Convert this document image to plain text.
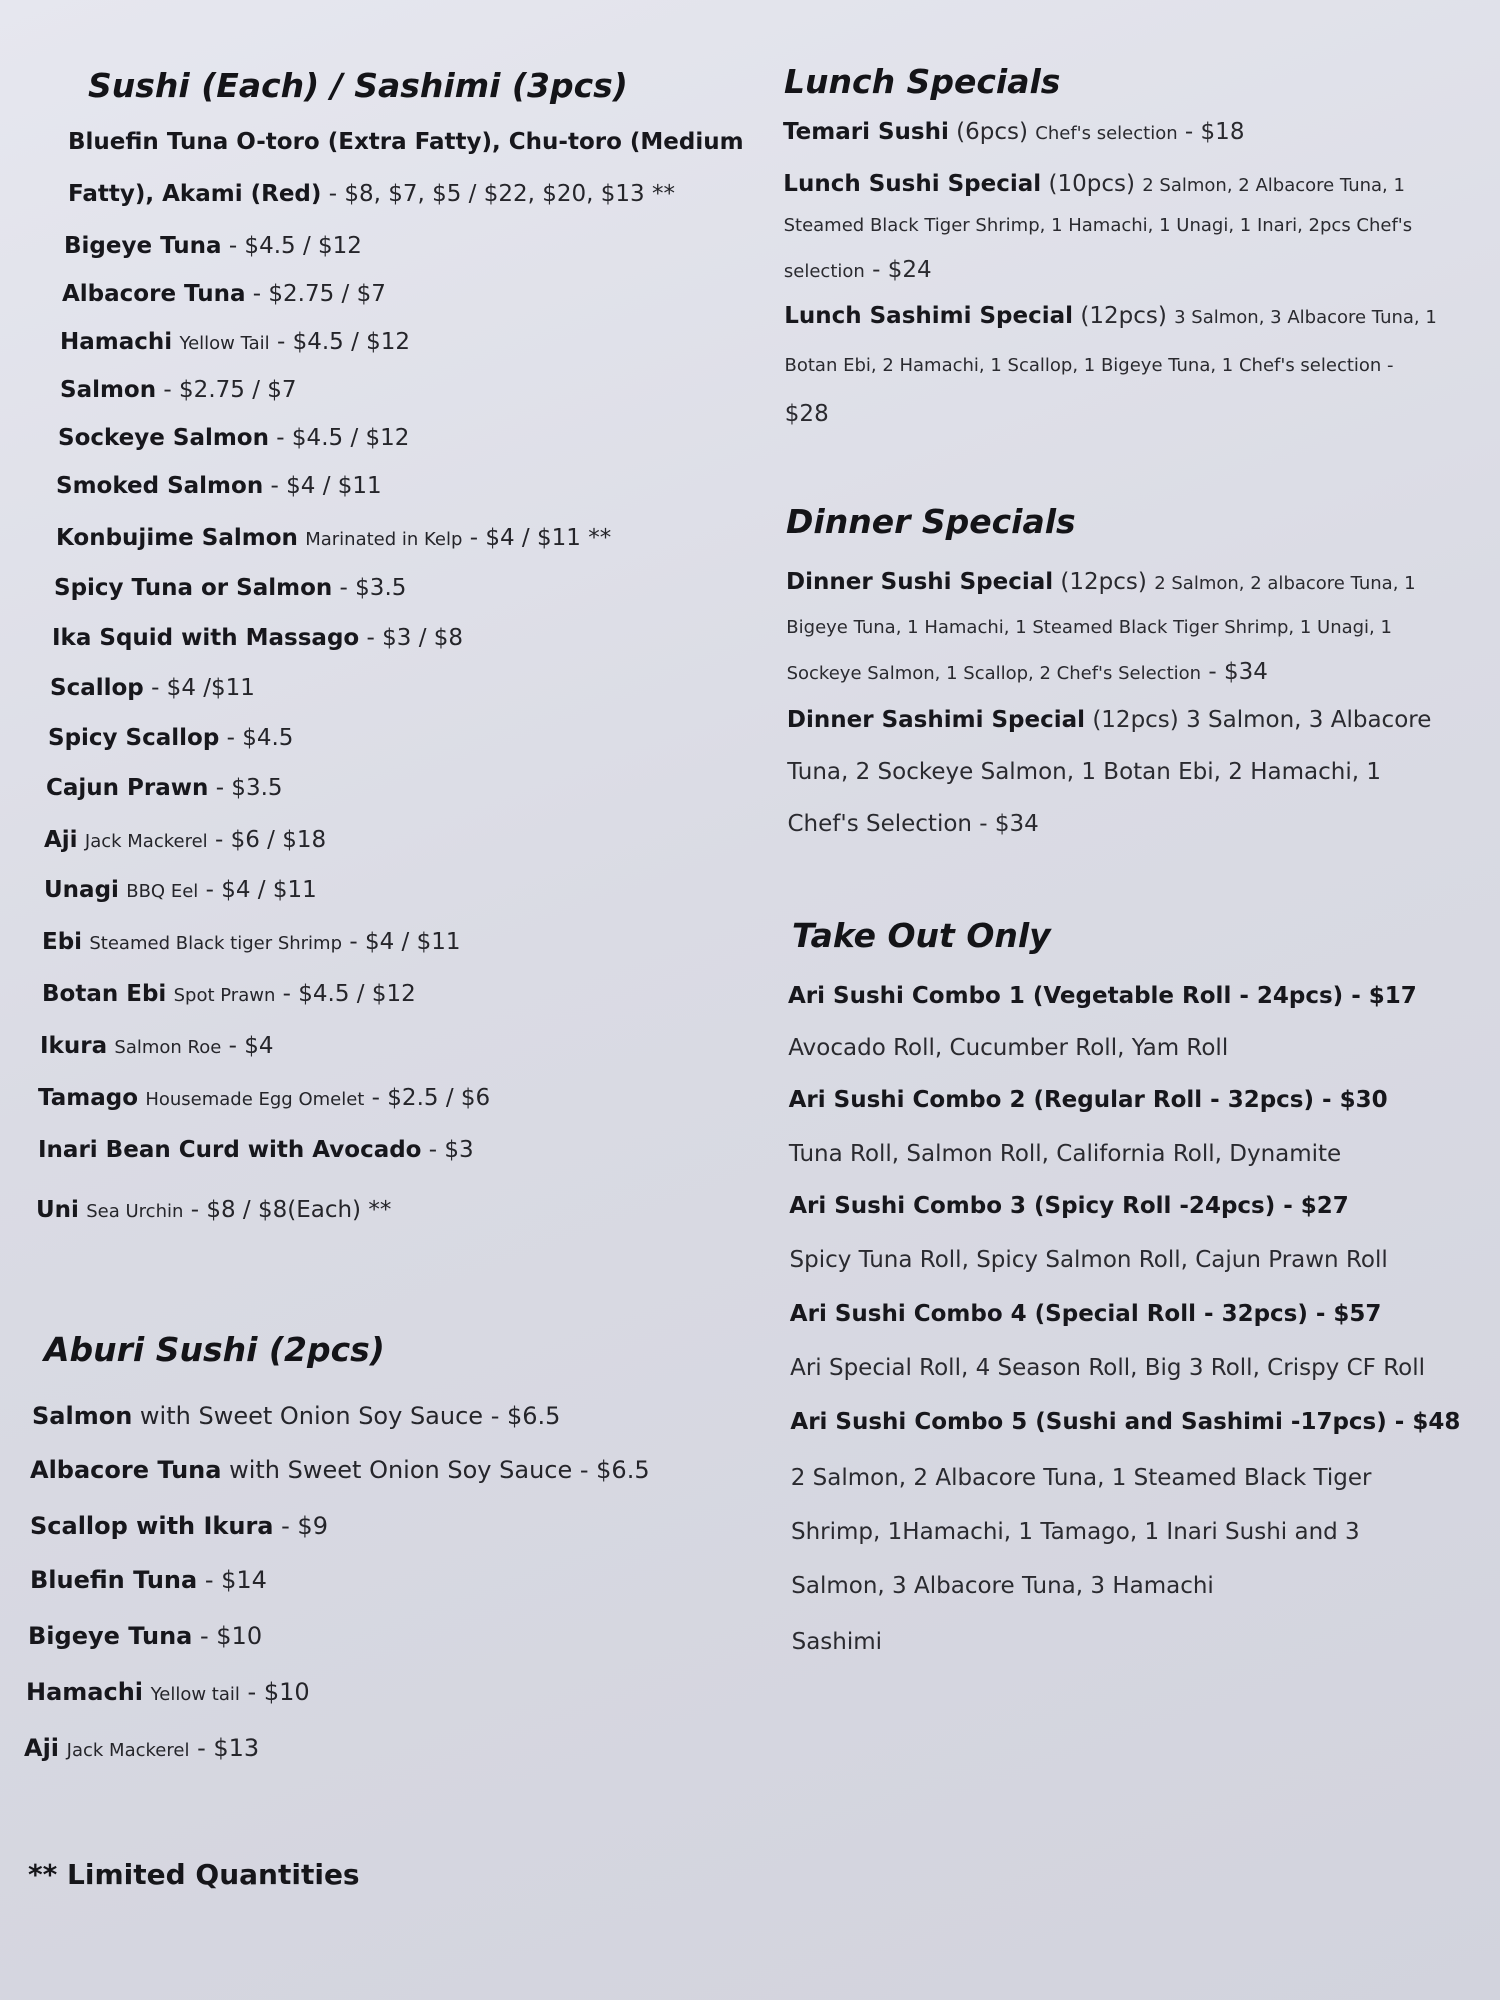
Sushi (Each) / Sashimi (3pcs)
Bluefin Tuna O-toro (Extra Fatty), Chu-toro (Medium
Fatty), Akami (Red) - $8, $7, $5 / $22, $20, $13 **
Bigeye Tuna - $4.5 / $12
Albacore Tuna - $2.75 / $7
Hamachi Yellow Tail - $4.5 / $12
Salmon - $2.75 / $7
Sockeye Salmon - $4.5 / $12
Smoked Salmon - $4 / $11
Konbujime Salmon Marinated in Kelp - $4 / $11 **
Spicy Tuna or Salmon - $3.5
Ika Squid with Massago - $3 / $8
Scallop - $4 /$11
Spicy Scallop - $4.5
Cajun Prawn - $3.5
Aji Jack Mackerel - $6 / $18
Unagi BBQ Eel - $4 / $11
Ebi Steamed Black tiger Shrimp - $4 / $11
Botan Ebi Spot Prawn - $4.5 / $12
Ikura Salmon Roe - $4
Tamago Housemade Egg Omelet - $2.5 / $6
Inari Bean Curd with Avocado - $3
Uni Sea Urchin - $8 / $8(Each) **
Aburi Sushi (2pcs)
Salmon with Sweet Onion Soy Sauce - $6.5
Albacore Tuna with Sweet Onion Soy Sauce - $6.5
Scallop with Ikura - $9
Bluefin Tuna - $14
Bigeye Tuna - $10
Hamachi Yellow tail - $10
Aji Jack Mackerel - $13
Lunch Specials
Temari Sushi (6pcs) Chef's selection - $18
Lunch Sushi Special (10pcs) 2 Salmon, 2 Albacore Tuna, 1
Steamed Black Tiger Shrimp, 1 Hamachi, 1 Unagi, 1 Inari, 2pcs Chef's
selection - $24
Lunch Sashimi Special (12pcs) 3 Salmon, 3 Albacore Tuna, 1
Botan Ebi, 2 Hamachi, 1 Scallop, 1 Bigeye Tuna, 1 Chef's selection -
$28
Dinner Specials
Dinner Sushi Special (12pcs) 2 Salmon, 2 albacore Tuna, 1
Bigeye Tuna, 1 Hamachi, 1 Steamed Black Tiger Shrimp, 1 Unagi, 1
Sockeye Salmon, 1 Scallop, 2 Chef's Selection - $34
Dinner Sashimi Special (12pcs) 3 Salmon, 3 Albacore
Tuna, 2 Sockeye Salmon, 1 Botan Ebi, 2 Hamachi, 1
Chef's Selection - $34
Take Out Only
Ari Sushi Combo 1 (Vegetable Roll - 24pcs) - $17
Avocado Roll, Cucumber Roll, Yam Roll
Ari Sushi Combo 2 (Regular Roll - 32pcs) - $30
Tuna Roll, Salmon Roll, California Roll, Dynamite
Ari Sushi Combo 3 (Spicy Roll -24pcs) - $27
Spicy Tuna Roll, Spicy Salmon Roll, Cajun Prawn Roll
Ari Sushi Combo 4 (Special Roll - 32pcs) - $57
Ari Special Roll, 4 Season Roll, Big 3 Roll, Crispy CF Roll
Ari Sushi Combo 5 (Sushi and Sashimi -17pcs) - $48
2 Salmon, 2 Albacore Tuna, 1 Steamed Black Tiger
Shrimp, 1Hamachi, 1 Tamago, 1 Inari Sushi and 3
Salmon, 3 Albacore Tuna, 3 Hamachi
Sashimi
** Limited Quantities
